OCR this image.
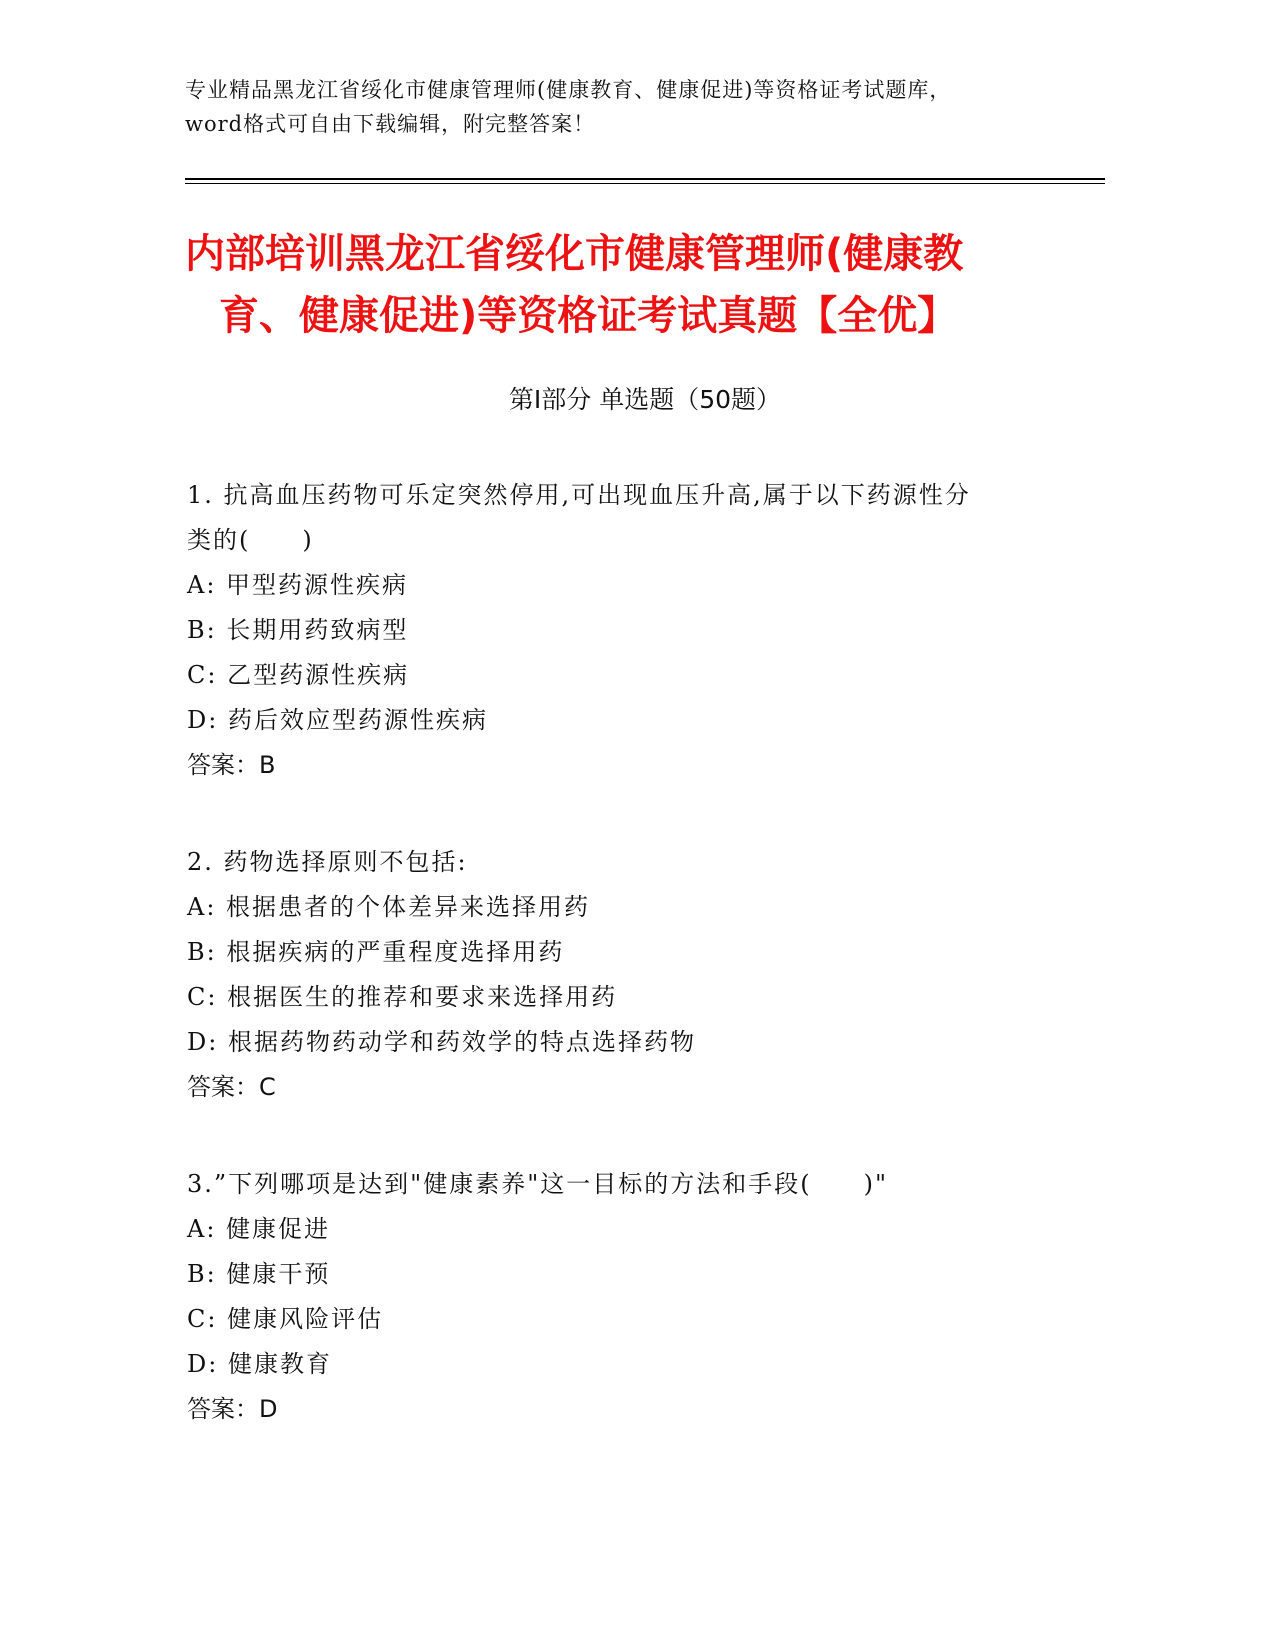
专业精品黑龙江省绥化市健康管理师(健康教育、健康促进)等资格证考试题库，
word格式可自由下载编辑，附完整答案！
内部培训黑龙江省绥化市健康管理师(健康教
育、健康促进)等资格证考试真题【全优】
第Ⅰ部分 单选题（50题）
1. 抗高血压药物可乐定突然停用,可出现血压升高,属于以下药源性分
类的(　　)
A: 甲型药源性疾病
B: 长期用药致病型
C: 乙型药源性疾病
D: 药后效应型药源性疾病
答案：B
2. 药物选择原则不包括:
A: 根据患者的个体差异来选择用药
B: 根据疾病的严重程度选择用药
C: 根据医生的推荐和要求来选择用药
D: 根据药物药动学和药效学的特点选择药物
答案：C
3.”下列哪项是达到"健康素养"这一目标的方法和手段(　　)"
A: 健康促进
B: 健康干预
C: 健康风险评估
D: 健康教育
答案：D
